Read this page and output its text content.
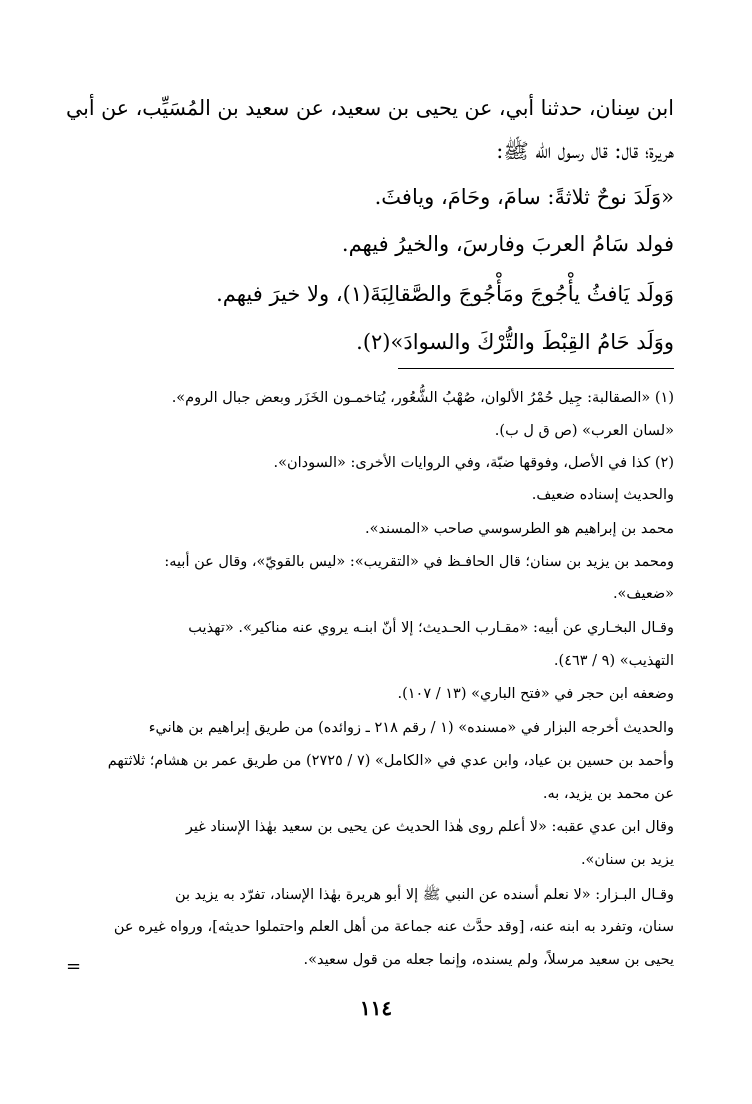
ابن سِنان، حدثنا أبي، عن يحيى بن سعيد، عن سعيد بن المُسَيِّب، عن أبي
هريرة؛ قال: قال رسول الله ﷺ:
«وَلَدَ نوحٌ ثلاثةً: سامَ، وحَامَ، ويافثَ.
فولد سَامُ العربَ وفارسَ، والخيرُ فيهم.
وَولَد يَافثُ يأْجُوجَ ومَأْجُوجَ والصَّقالِبَةَ(١)، ولا خيرَ فيهم.
ووَلَد حَامُ القِبْطَ والتُّرْكَ والسوادَ»(٢).
(١) «الصقالبة: جِيل حُمْرُ الألوان، صُهْبُ الشُّعُور، يُتاخمـون الخَزَر وبعض جبال الروم».
«لسان العرب» (ص ق ل ب).
(٢) كذا في الأصل، وفوقها ضبّة، وفي الروايات الأخرى: «السودان».
والحديث إسناده ضعيف.
محمد بن إبراهيم هو الطرسوسي صاحب «المسند».
ومحمد بن يزيد بن سنان؛ قال الحافـظ في «التقريب»: «ليس بالقويّ»، وقال عن أبيه:
«ضعيف».
وقـال البخـاري عن أبيه: «مقـارب الحـديث؛ إلا أنّ ابنـه يروي عنه مناكير». «تهذيب
التهذيب» (٩ / ٤٦٣).
وضعفه ابن حجر في «فتح الباري» (١٣ / ١٠٧).
والحديث أخرجه البزار في «مسنده» (١ / رقم ٢١٨ ـ زوائده) من طريق إبراهيم بن هانيء
وأحمد بن حسين بن عياد، وابن عدي في «الكامل» (٧ / ٢٧٢٥) من طريق عمر بن هشام؛ ثلاثتهم
عن محمد بن يزيد، به.
وقال ابن عدي عقبه: «لا أعلم روى هٰذا الحديث عن يحيى بن سعيد بهٰذا الإسناد غير
يزيد بن سنان».
وقـال البـزار: «لا نعلم أسنده عن النبي ﷺ إلا أبو هريرة بهٰذا الإسناد، تفرّد به يزيد بن
سنان، وتفرد به ابنه عنه، [وقد حدَّث عنه جماعة من أهل العلم واحتملوا حديثه]، ورواه غيره عن
يحيى بن سعيد مرسلاً، ولم يسنده، وإنما جعله من قول سعيد».
=
١١٤
